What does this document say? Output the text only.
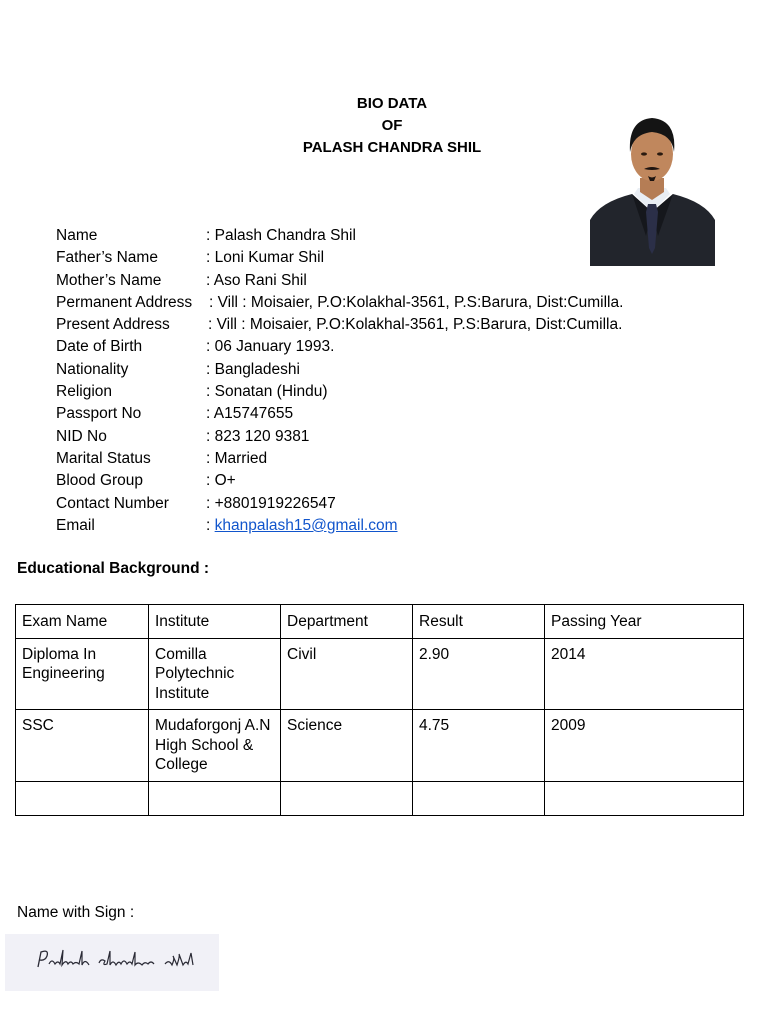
BIO DATA
OF
PALASH CHANDRA SHIL
Name	: Palash Chandra Shil
Father’s Name	: Loni Kumar Shil
Mother’s Name	: Aso Rani Shil
Permanent Address : Vill : Moisaier, P.O:Kolakhal-3561, P.S:Barura, Dist:Cumilla.
Present Address : Vill : Moisaier, P.O:Kolakhal-3561, P.S:Barura, Dist:Cumilla.
Date of Birth	: 06 January 1993.
Nationality	: Bangladeshi
Religion	: Sonatan (Hindu)
Passport No	: A15747655
NID No	: 823 120 9381
Marital Status	: Married
Blood Group	: O+
Contact Number : +8801919226547
Email	: khanpalash15@gmail.com
Educational Background :
Exam Name	Institute	Department	Result	Passing Year
Diploma In Engineering	Comilla Polytechnic Institute	Civil	2.90	2014
SSC	Mudaforgonj A.N High School & College	Science	4.75	2009

Name with Sign :
